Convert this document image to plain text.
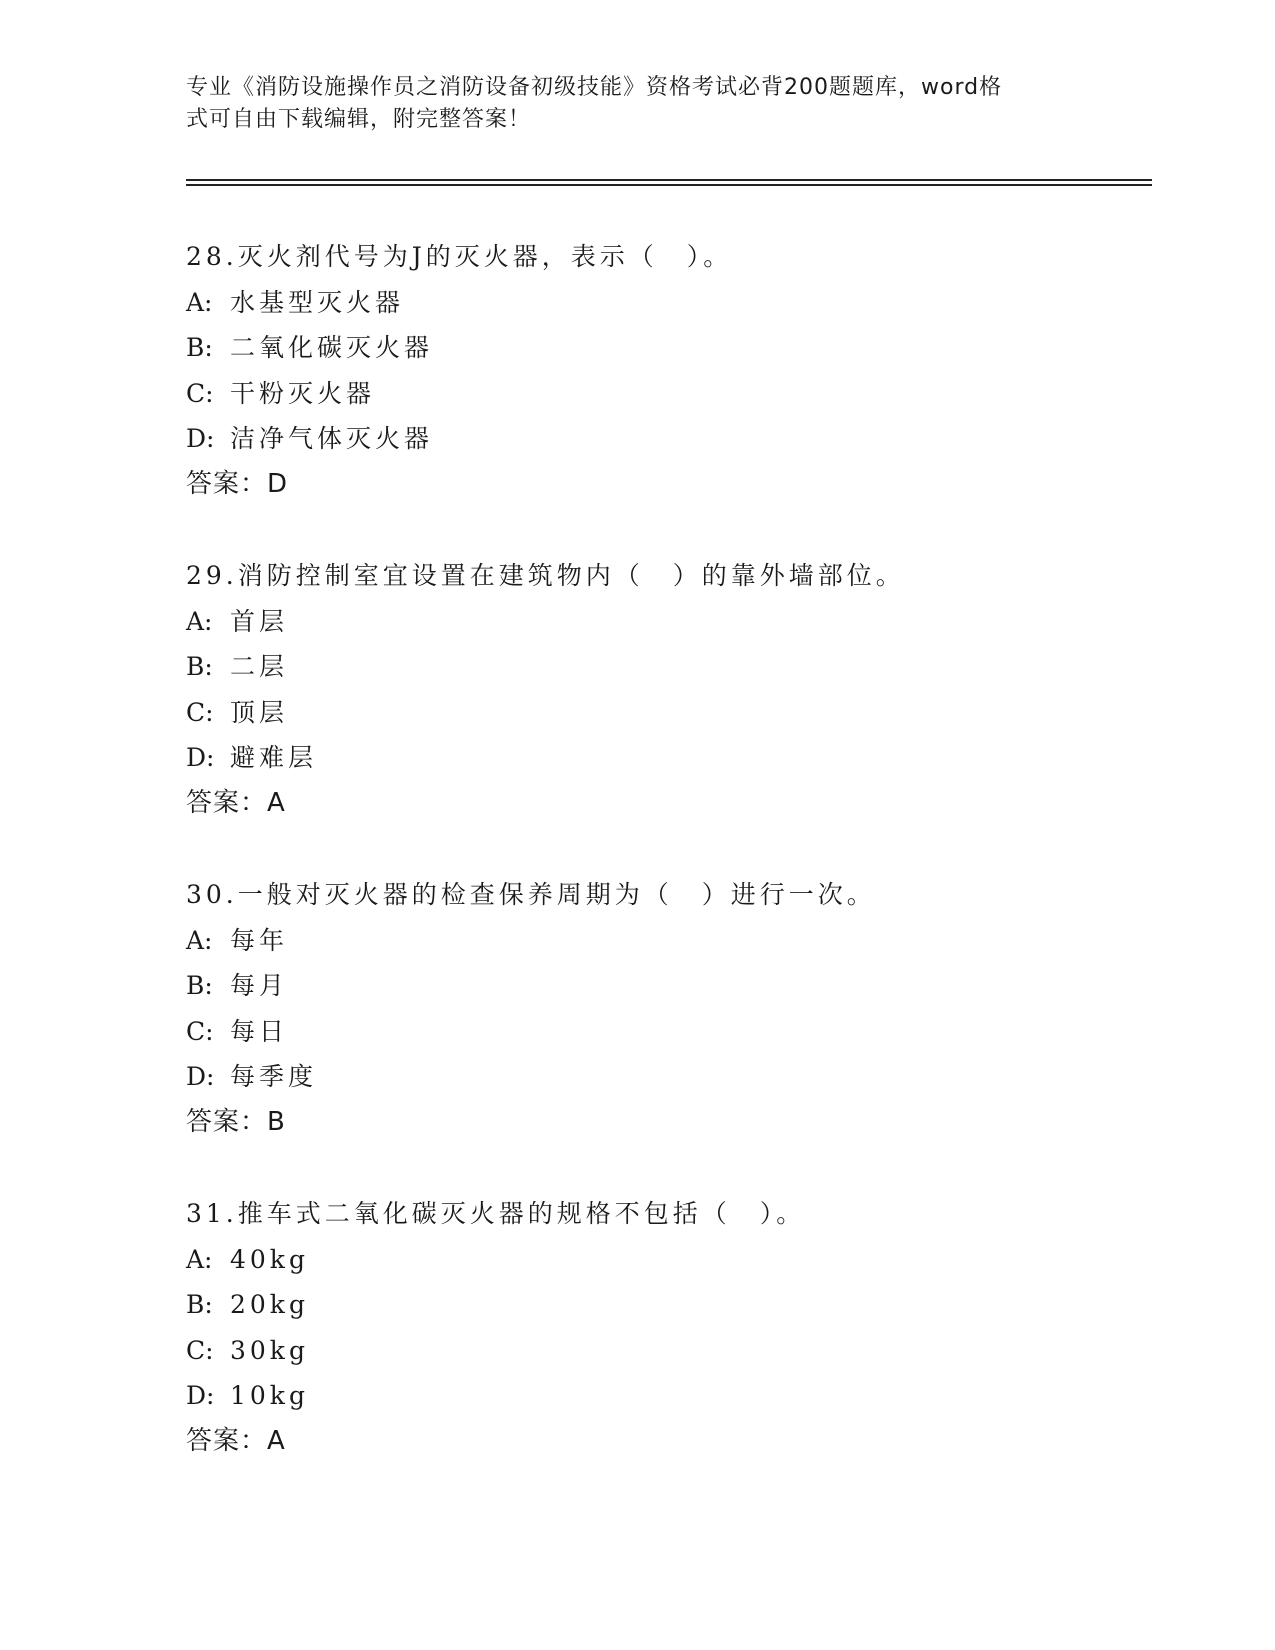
专业《消防设施操作员之消防设备初级技能》资格考试必背200题题库，word格
式可自由下载编辑，附完整答案！
28.灭火剂代号为J的灭火器，表示（　）。
A: 水基型灭火器
B: 二氧化碳灭火器
C: 干粉灭火器
D: 洁净气体灭火器
答案：D
29.消防控制室宜设置在建筑物内（　）的靠外墙部位。
A: 首层
B: 二层
C: 顶层
D: 避难层
答案：A
30.一般对灭火器的检查保养周期为（　）进行一次。
A: 每年
B: 每月
C: 每日
D: 每季度
答案：B
31.推车式二氧化碳灭火器的规格不包括（　）。
A: 40kg
B: 20kg
C: 30kg
D: 10kg
答案：A
